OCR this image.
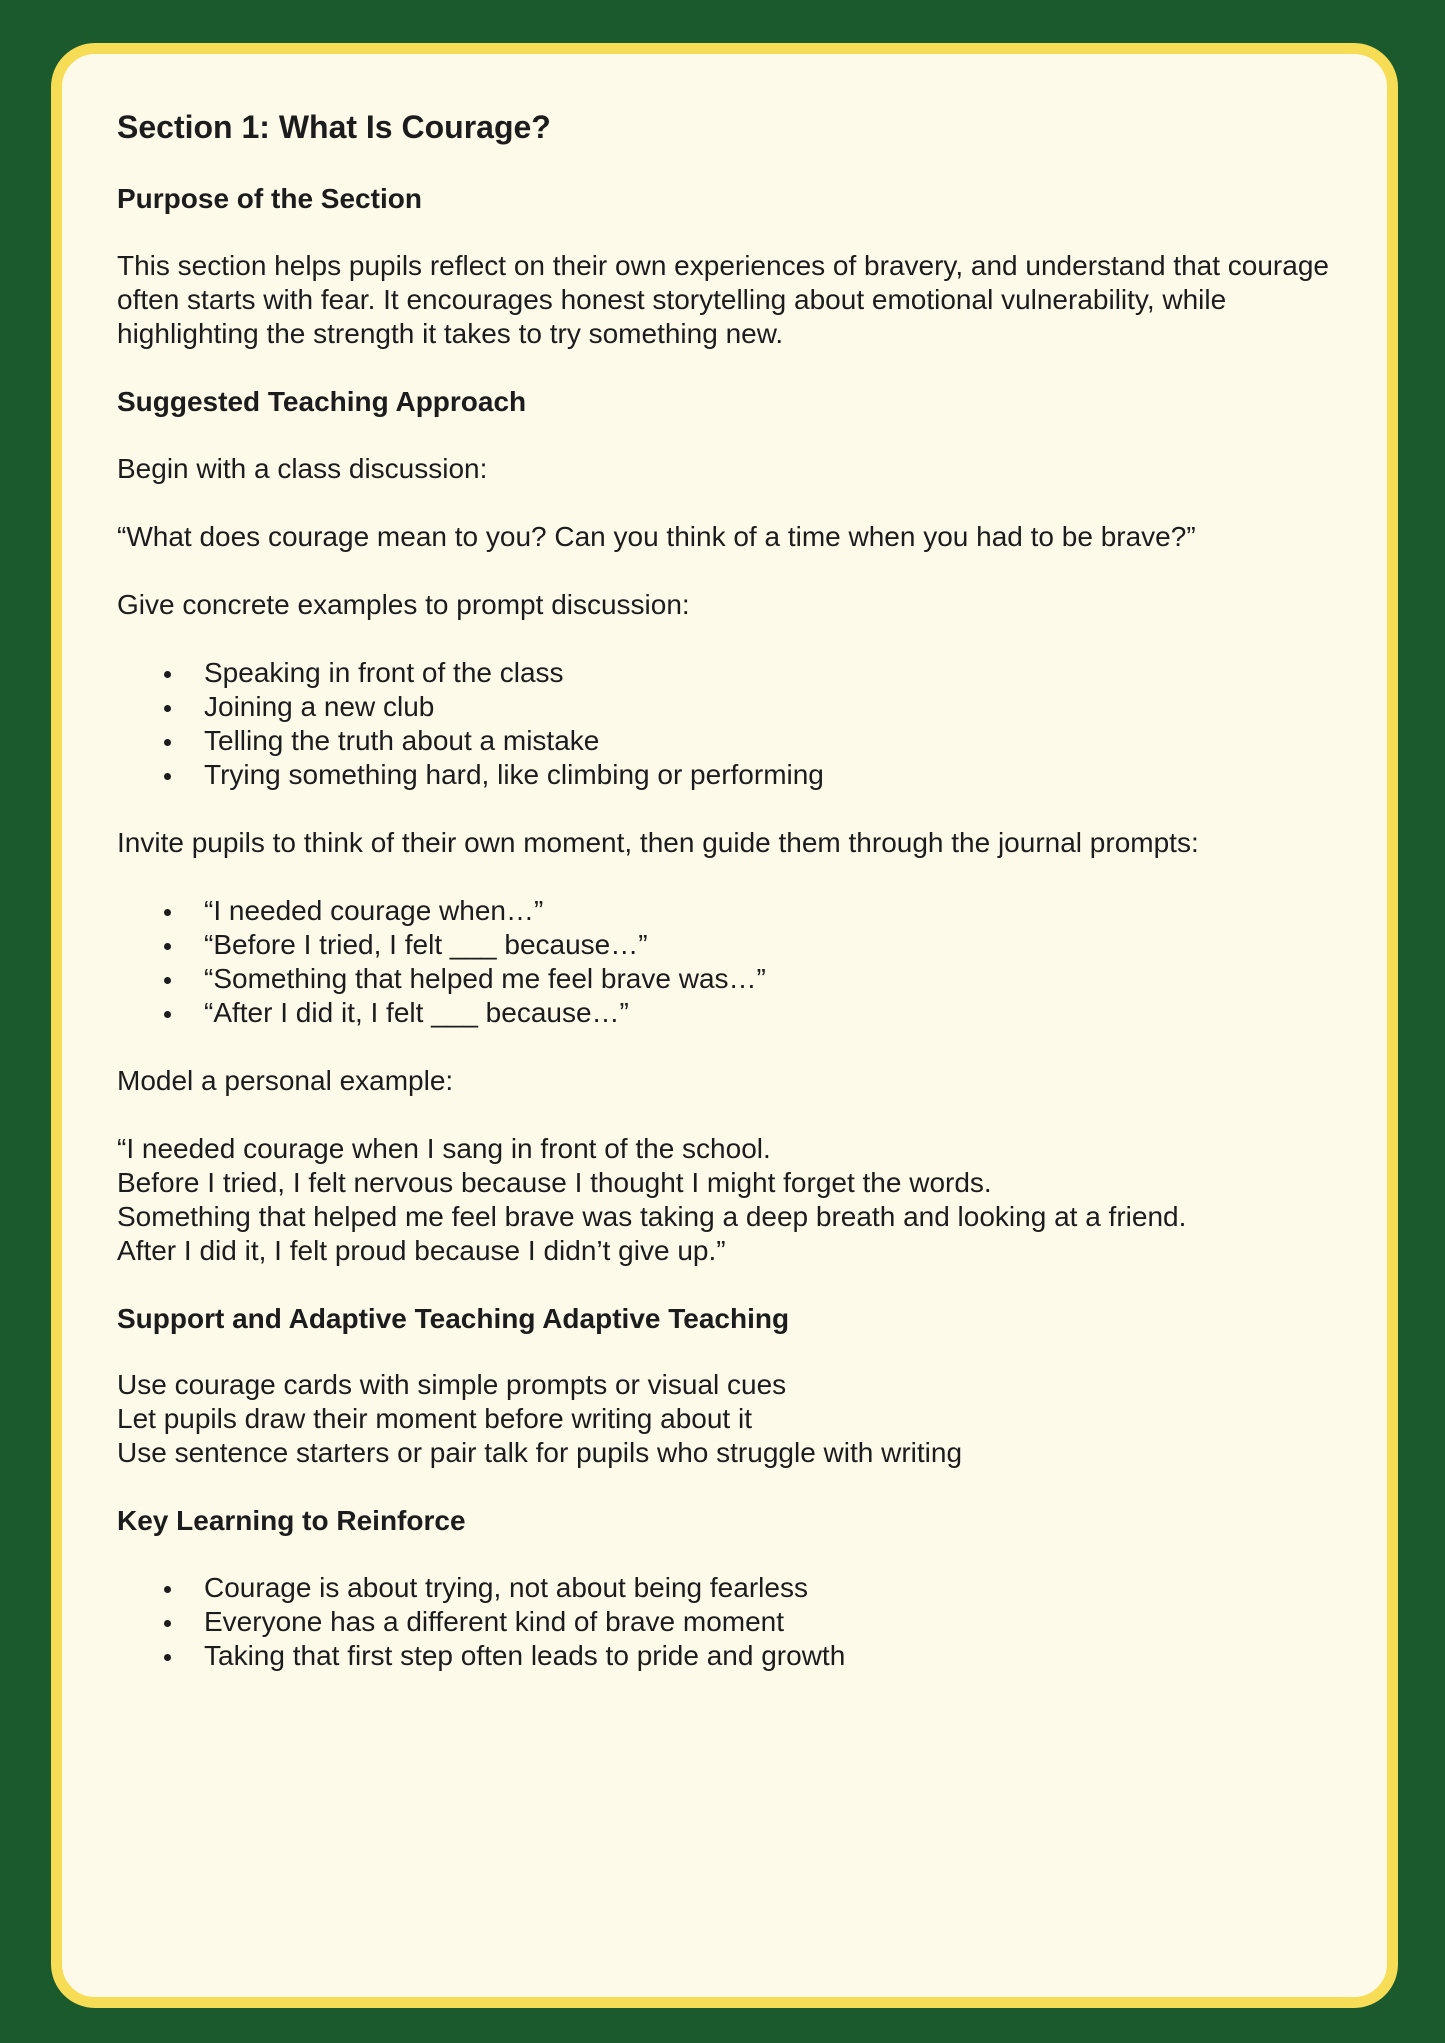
Section 1: What Is Courage?
Purpose of the Section

This section helps pupils reflect on their own experiences of bravery, and understand that courage often starts with fear. It encourages honest storytelling about emotional vulnerability, while highlighting the strength it takes to try something new.

Suggested Teaching Approach

Begin with a class discussion:

“What does courage mean to you? Can you think of a time when you had to be brave?”

Give concrete examples to prompt discussion:

Speaking in front of the class
Joining a new club
Telling the truth about a mistake
Trying something hard, like climbing or performing

Invite pupils to think of their own moment, then guide them through the journal prompts:

“I needed courage when…”
“Before I tried, I felt ___ because…”
“Something that helped me feel brave was…”
“After I did it, I felt ___ because…”

Model a personal example:

“I needed courage when I sang in front of the school.
Before I tried, I felt nervous because I thought I might forget the words.
Something that helped me feel brave was taking a deep breath and looking at a friend.
After I did it, I felt proud because I didn’t give up.”

Support and Adaptive Teaching Adaptive Teaching

Use courage cards with simple prompts or visual cues
Let pupils draw their moment before writing about it
Use sentence starters or pair talk for pupils who struggle with writing

Key Learning to Reinforce
Courage is about trying, not about being fearless
Everyone has a different kind of brave moment
Taking that first step often leads to pride and growth
